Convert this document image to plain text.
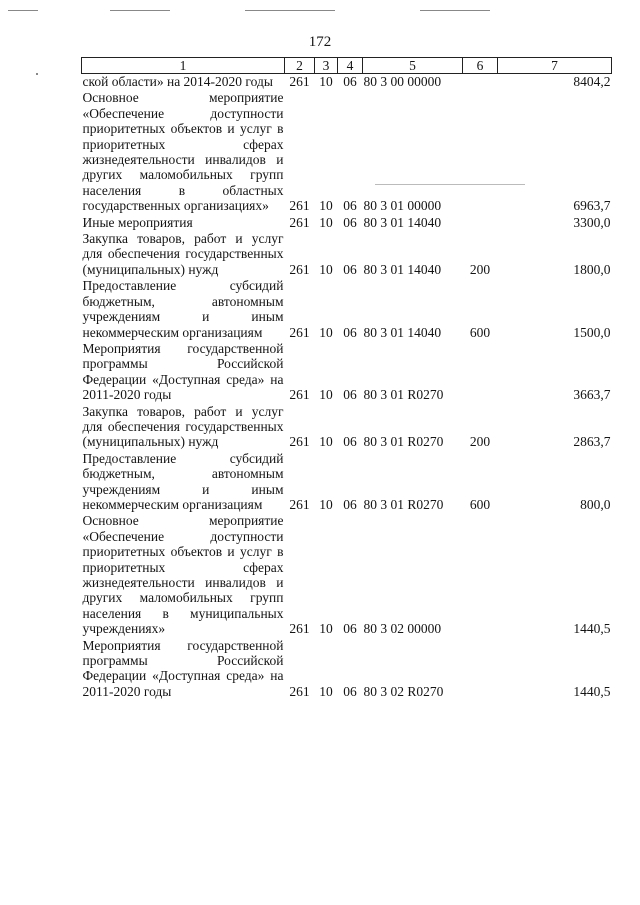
172
1	2	3	4	5	6	7
ской области» на 2014-2020 годы	261	10	06	80 3 00 00000		8404,2
Основное мероприятие «Обеспечение доступности приоритетных объектов и услуг в приоритетных сферах жизнедеятельности инвалидов и других маломобильных групп населения в областных государственных организациях»	261	10	06	80 3 01 00000		6963,7
Иные мероприятия	261	10	06	80 3 01 14040		3300,0
Закупка товаров, работ и услуг для обеспечения государственных (муниципальных) нужд	261	10	06	80 3 01 14040	200	1800,0
Предоставление субсидий бюджетным, автономным учреждениям и иным некоммерческим организациям	261	10	06	80 3 01 14040	600	1500,0
Мероприятия государственной программы Российской Федерации «Доступная среда» на 2011-2020 годы	261	10	06	80 3 01 R0270		3663,7
Закупка товаров, работ и услуг для обеспечения государственных (муниципальных) нужд	261	10	06	80 3 01 R0270	200	2863,7
Предоставление субсидий бюджетным, автономным учреждениям и иным некоммерческим организациям	261	10	06	80 3 01 R0270	600	800,0
Основное мероприятие «Обеспечение доступности приоритетных объектов и услуг в приоритетных сферах жизнедеятельности инвалидов и других маломобильных групп населения в муниципальных учреждениях»	261	10	06	80 3 02 00000		1440,5
Мероприятия государственной программы Российской Федерации «Доступная среда» на 2011-2020 годы	261	10	06	80 3 02 R0270		1440,5
